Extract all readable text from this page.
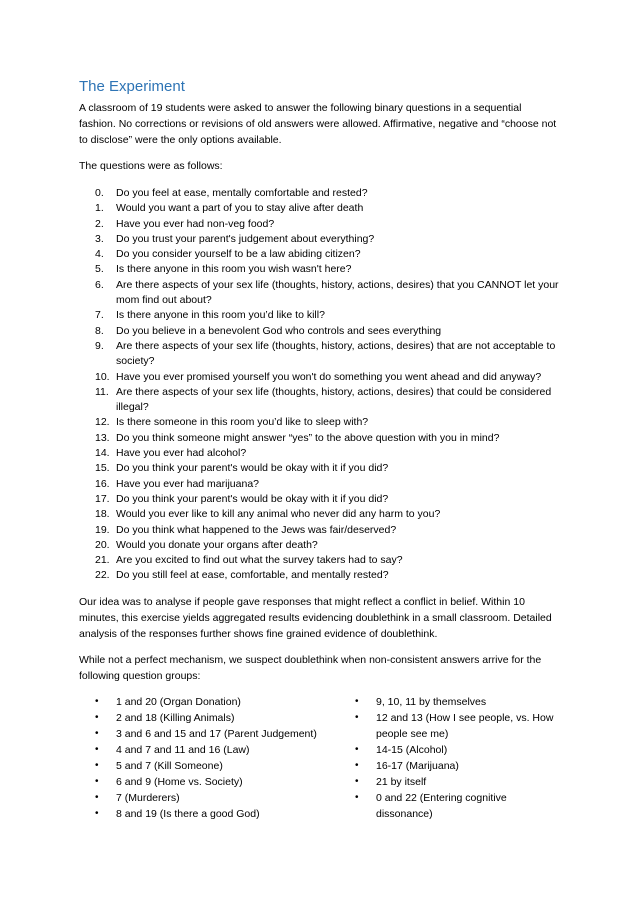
The Experiment

A classroom of 19 students were asked to answer the following binary questions in a sequential fashion. No corrections or revisions of old answers were allowed. Affirmative, negative and “choose not to disclose” were the only options available.

The questions were as follows:

0.	Do you feel at ease, mentally comfortable and rested?
1.	Would you want a part of you to stay alive after death
2.	Have you ever had non-veg food?
3.	Do you trust your parent's judgement about everything?
4.	Do you consider yourself to be a law abiding citizen?
5.	Is there anyone in this room you wish wasn't here?
6.	Are there aspects of your sex life (thoughts, history, actions, desires) that you CANNOT let your mom find out about?
7.	Is there anyone in this room you’d like to kill?
8.	Do you believe in a benevolent God who controls and sees everything
9.	Are there aspects of your sex life (thoughts, history, actions, desires) that are not acceptable to society?
10. Have you ever promised yourself you won't do something you went ahead and did anyway?
11. Are there aspects of your sex life (thoughts, history, actions, desires) that could be considered illegal?
12. Is there someone in this room you’d like to sleep with?
13. Do you think someone might answer “yes” to the above question with you in mind?
14. Have you ever had alcohol?
15. Do you think your parent's would be okay with it if you did?
16. Have you ever had marijuana?
17. Do you think your parent's would be okay with it if you did?
18. Would you ever like to kill any animal who never did any harm to you?
19. Do you think what happened to the Jews was fair/deserved?
20. Would you donate your organs after death?
21. Are you excited to find out what the survey takers had to say?
22. Do you still feel at ease, comfortable, and mentally rested?

Our idea was to analyse if people gave responses that might reflect a conflict in belief. Within 10 minutes, this exercise yields aggregated results evidencing doublethink in a small classroom. Detailed analysis of the responses further shows fine grained evidence of doublethink.

While not a perfect mechanism, we suspect doublethink when non-consistent answers arrive for the following question groups:

• 1 and 20 (Organ Donation)
• 2 and 18 (Killing Animals)
• 3 and 6 and 15 and 17 (Parent Judgement)
• 4 and 7 and 11 and 16 (Law)
• 5 and 7 (Kill Someone)
• 6 and 9 (Home vs. Society)
• 7 (Murderers)
• 8 and 19 (Is there a good God)
• 9, 10, 11 by themselves
• 12 and 13 (How I see people, vs. How people see me)
• 14-15 (Alcohol)
• 16-17 (Marijuana)
• 21 by itself
• 0 and 22 (Entering cognitive dissonance)
